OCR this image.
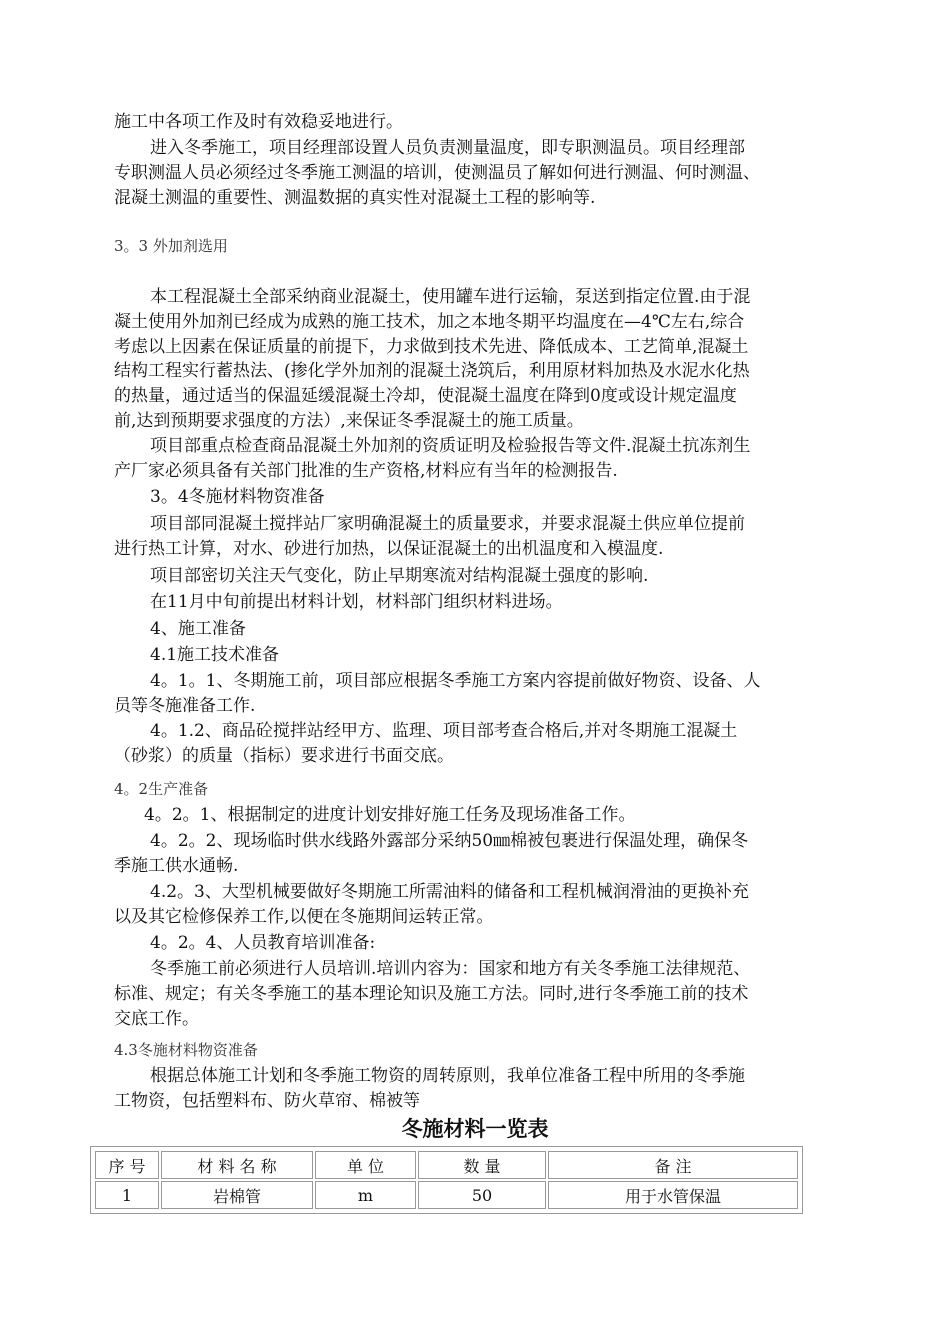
施工中各项工作及时有效稳妥地进行。
进入冬季施工，项目经理部设置人员负责测量温度，即专职测温员。项目经理部
专职测温人员必须经过冬季施工测温的培训，使测温员了解如何进行测温、何时测温、
混凝土测温的重要性、测温数据的真实性对混凝土工程的影响等.
3。3 外加剂选用
本工程混凝土全部采纳商业混凝土，使用罐车进行运输，泵送到指定位置.由于混
凝土使用外加剂已经成为成熟的施工技术，加之本地冬期平均温度在—4℃左右,综合
考虑以上因素在保证质量的前提下，力求做到技术先进、降低成本、工艺简单,混凝土
结构工程实行蓄热法、(掺化学外加剂的混凝土浇筑后，利用原材料加热及水泥水化热
的热量，通过适当的保温延缓混凝土冷却，使混凝土温度在降到0度或设计规定温度
前,达到预期要求强度的方法）,来保证冬季混凝土的施工质量。
项目部重点检查商品混凝土外加剂的资质证明及检验报告等文件.混凝土抗冻剂生
产厂家必须具备有关部门批准的生产资格,材料应有当年的检测报告.
3。4冬施材料物资准备
项目部同混凝土搅拌站厂家明确混凝土的质量要求，并要求混凝土供应单位提前
进行热工计算，对水、砂进行加热，以保证混凝土的出机温度和入模温度.
项目部密切关注天气变化，防止早期寒流对结构混凝土强度的影响.
在11月中旬前提出材料计划，材料部门组织材料进场。
4、施工准备
4.1施工技术准备
4。1。1、冬期施工前，项目部应根据冬季施工方案内容提前做好物资、设备、人
员等冬施准备工作.
4。1.2、商品砼搅拌站经甲方、监理、项目部考查合格后,并对冬期施工混凝土
（砂浆）的质量（指标）要求进行书面交底。
4。2生产准备
4。2。1、根据制定的进度计划安排好施工任务及现场准备工作。
4。2。2、现场临时供水线路外露部分采纳50㎜棉被包裹进行保温处理，确保冬
季施工供水通畅.
4.2。3、大型机械要做好冬期施工所需油料的储备和工程机械润滑油的更换补充
以及其它检修保养工作,以便在冬施期间运转正常。
4。2。4、人员教育培训准备:
冬季施工前必须进行人员培训.培训内容为：国家和地方有关冬季施工法律规范、
标准、规定；有关冬季施工的基本理论知识及施工方法。同时,进行冬季施工前的技术
交底工作。
4.3冬施材料物资准备
根据总体施工计划和冬季施工物资的周转原则，我单位准备工程中所用的冬季施
工物资，包括塑料布、防火草帘、棉被等
冬施材料一览表
序 号	材 料 名 称	单 位	数 量	备 注
1	岩棉管	m	50	用于水管保温
